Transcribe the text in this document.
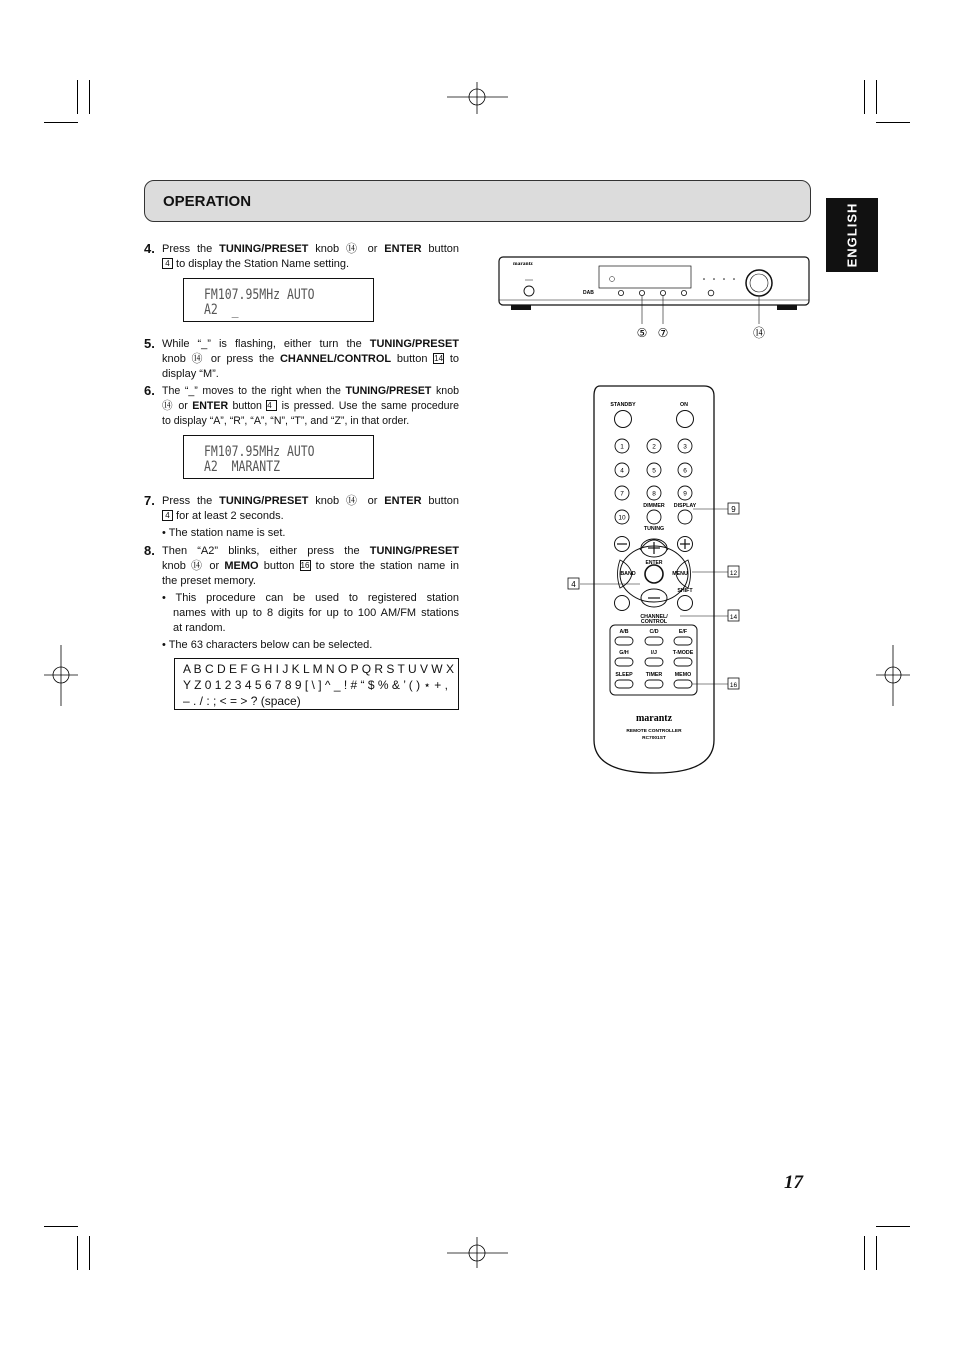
OPERATION
ENGLISH
4. Press the TUNING/PRESET knob ⑭ or ENTER button
4 to display the Station Name setting.
FM107.95MHz AUTO
A2  _
5. While “_” is flashing, either turn the TUNING/PRESET
knob ⑭ or press the CHANNEL/CONTROL button 14 to
display “M”.
6. The “_” moves to the right when the TUNING/PRESET knob
⑭ or ENTER button 4 is pressed. Use the same procedure
to display “A”, “R”, “A”, “N”, “T”, and “Z”, in that order.
FM107.95MHz AUTO
A2  MARANTZ
7. Press the TUNING/PRESET knob ⑭ or ENTER button
4 for at least 2 seconds.
• The station name is set.
8. Then “A2” blinks, either press the TUNING/PRESET
knob ⑭ or MEMO button 16 to store the station name in
the preset memory.
• This procedure can be used to registered station
names with up to 8 digits for up to 100 AM/FM stations
at random.
• The 63 characters below can be selected.
A B C D E F G H I J K L M N O P Q R S T U V W X
Y Z 0 1 2 3 4 5 6 7 8 9 [ \ ] ^ _ ! # “ $ % & ’ ( ) ⋆ + ,
– . / : ; < = > ? (space)
marantz
DAB
⑤ ⑦	⑭
STANDBY	ON
1	2	3
4	5	6
7	8	9
10
DIMMER DISPLAY
TUNING
ENTER
BAND	MENU
SHIFT
CHANNEL/
CONTROL
A/B	C/D	E/F
G/H	I/J	T-MODE
SLEEP TIMER MEMO
marantz
REMOTE CONTROLLER
RC7001ST
9
12
14
16
4
17
